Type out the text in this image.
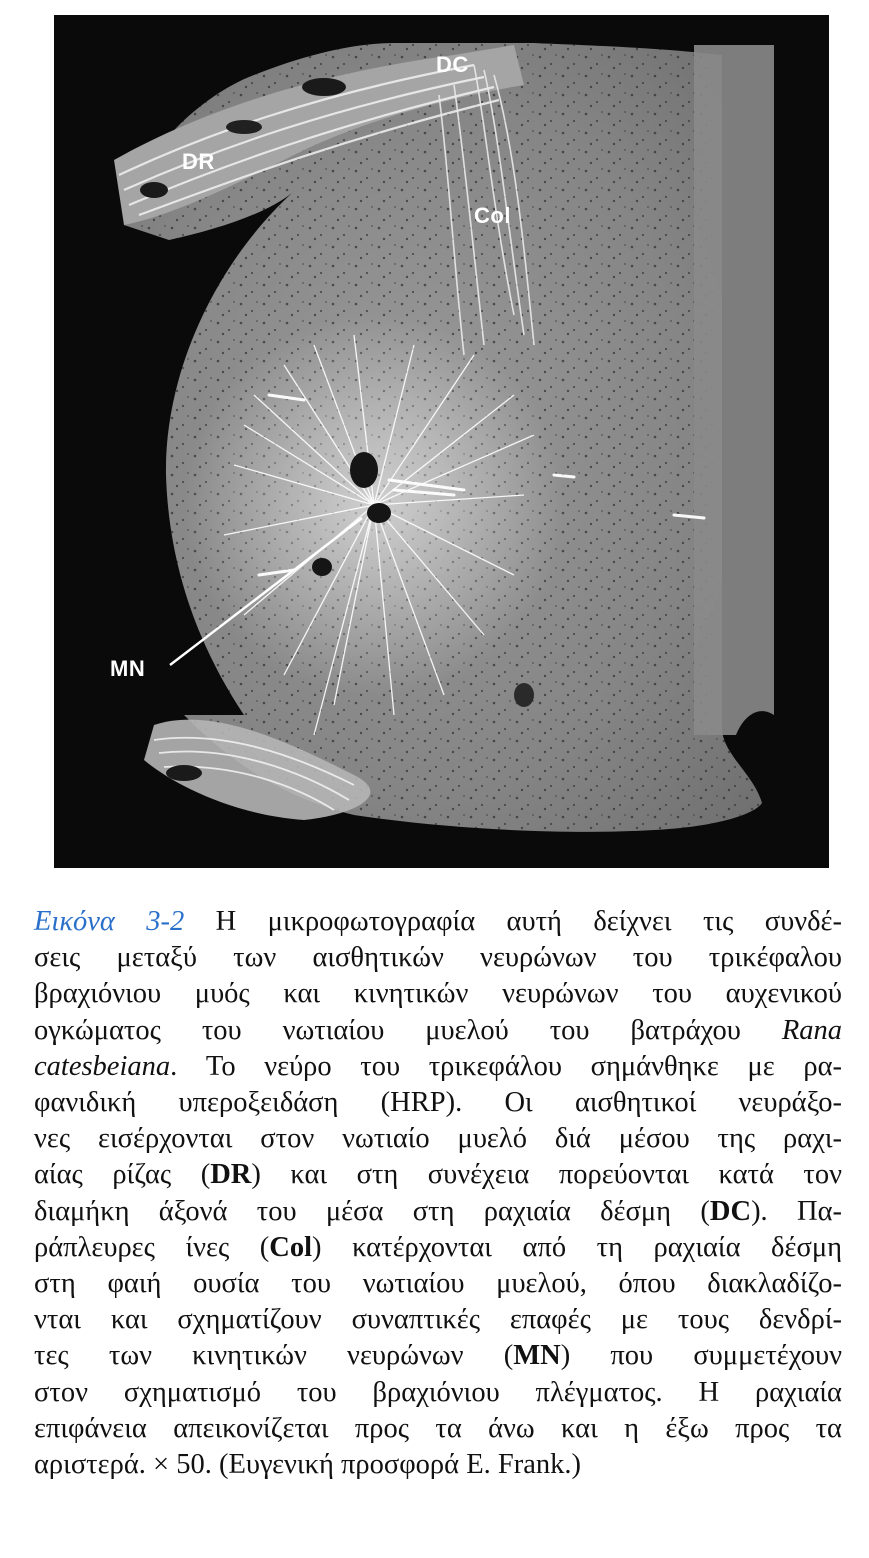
DR
DC
Col
MN
Εικόνα 3-2 Η μικροφωτογραφία αυτή δείχνει τις συνδέ-
σεις μεταξύ των αισθητικών νευρώνων του τρικέφαλου
βραχιόνιου μυός και κινητικών νευρώνων του αυχενικού
ογκώματος του νωτιαίου μυελού του βατράχου Rana
catesbeiana. Το νεύρο του τρικεφάλου σημάνθηκε με ρα-
φανιδική υπεροξειδάση (HRP). Οι αισθητικοί νευράξο-
νες εισέρχονται στον νωτιαίο μυελό διά μέσου της ραχι-
αίας ρίζας (DR) και στη συνέχεια πορεύονται κατά τον
διαμήκη άξονά του μέσα στη ραχιαία δέσμη (DC). Πα-
ράπλευρες ίνες (Col) κατέρχονται από τη ραχιαία δέσμη
στη φαιή ουσία του νωτιαίου μυελού, όπου διακλαδίζο-
νται και σχηματίζουν συναπτικές επαφές με τους δενδρί-
τες των κινητικών νευρώνων (MN) που συμμετέχουν
στον σχηματισμό του βραχιόνιου πλέγματος. Η ραχιαία
επιφάνεια απεικονίζεται προς τα άνω και η έξω προς τα
αριστερά. × 50. (Ευγενική προσφορά E. Frank.)
